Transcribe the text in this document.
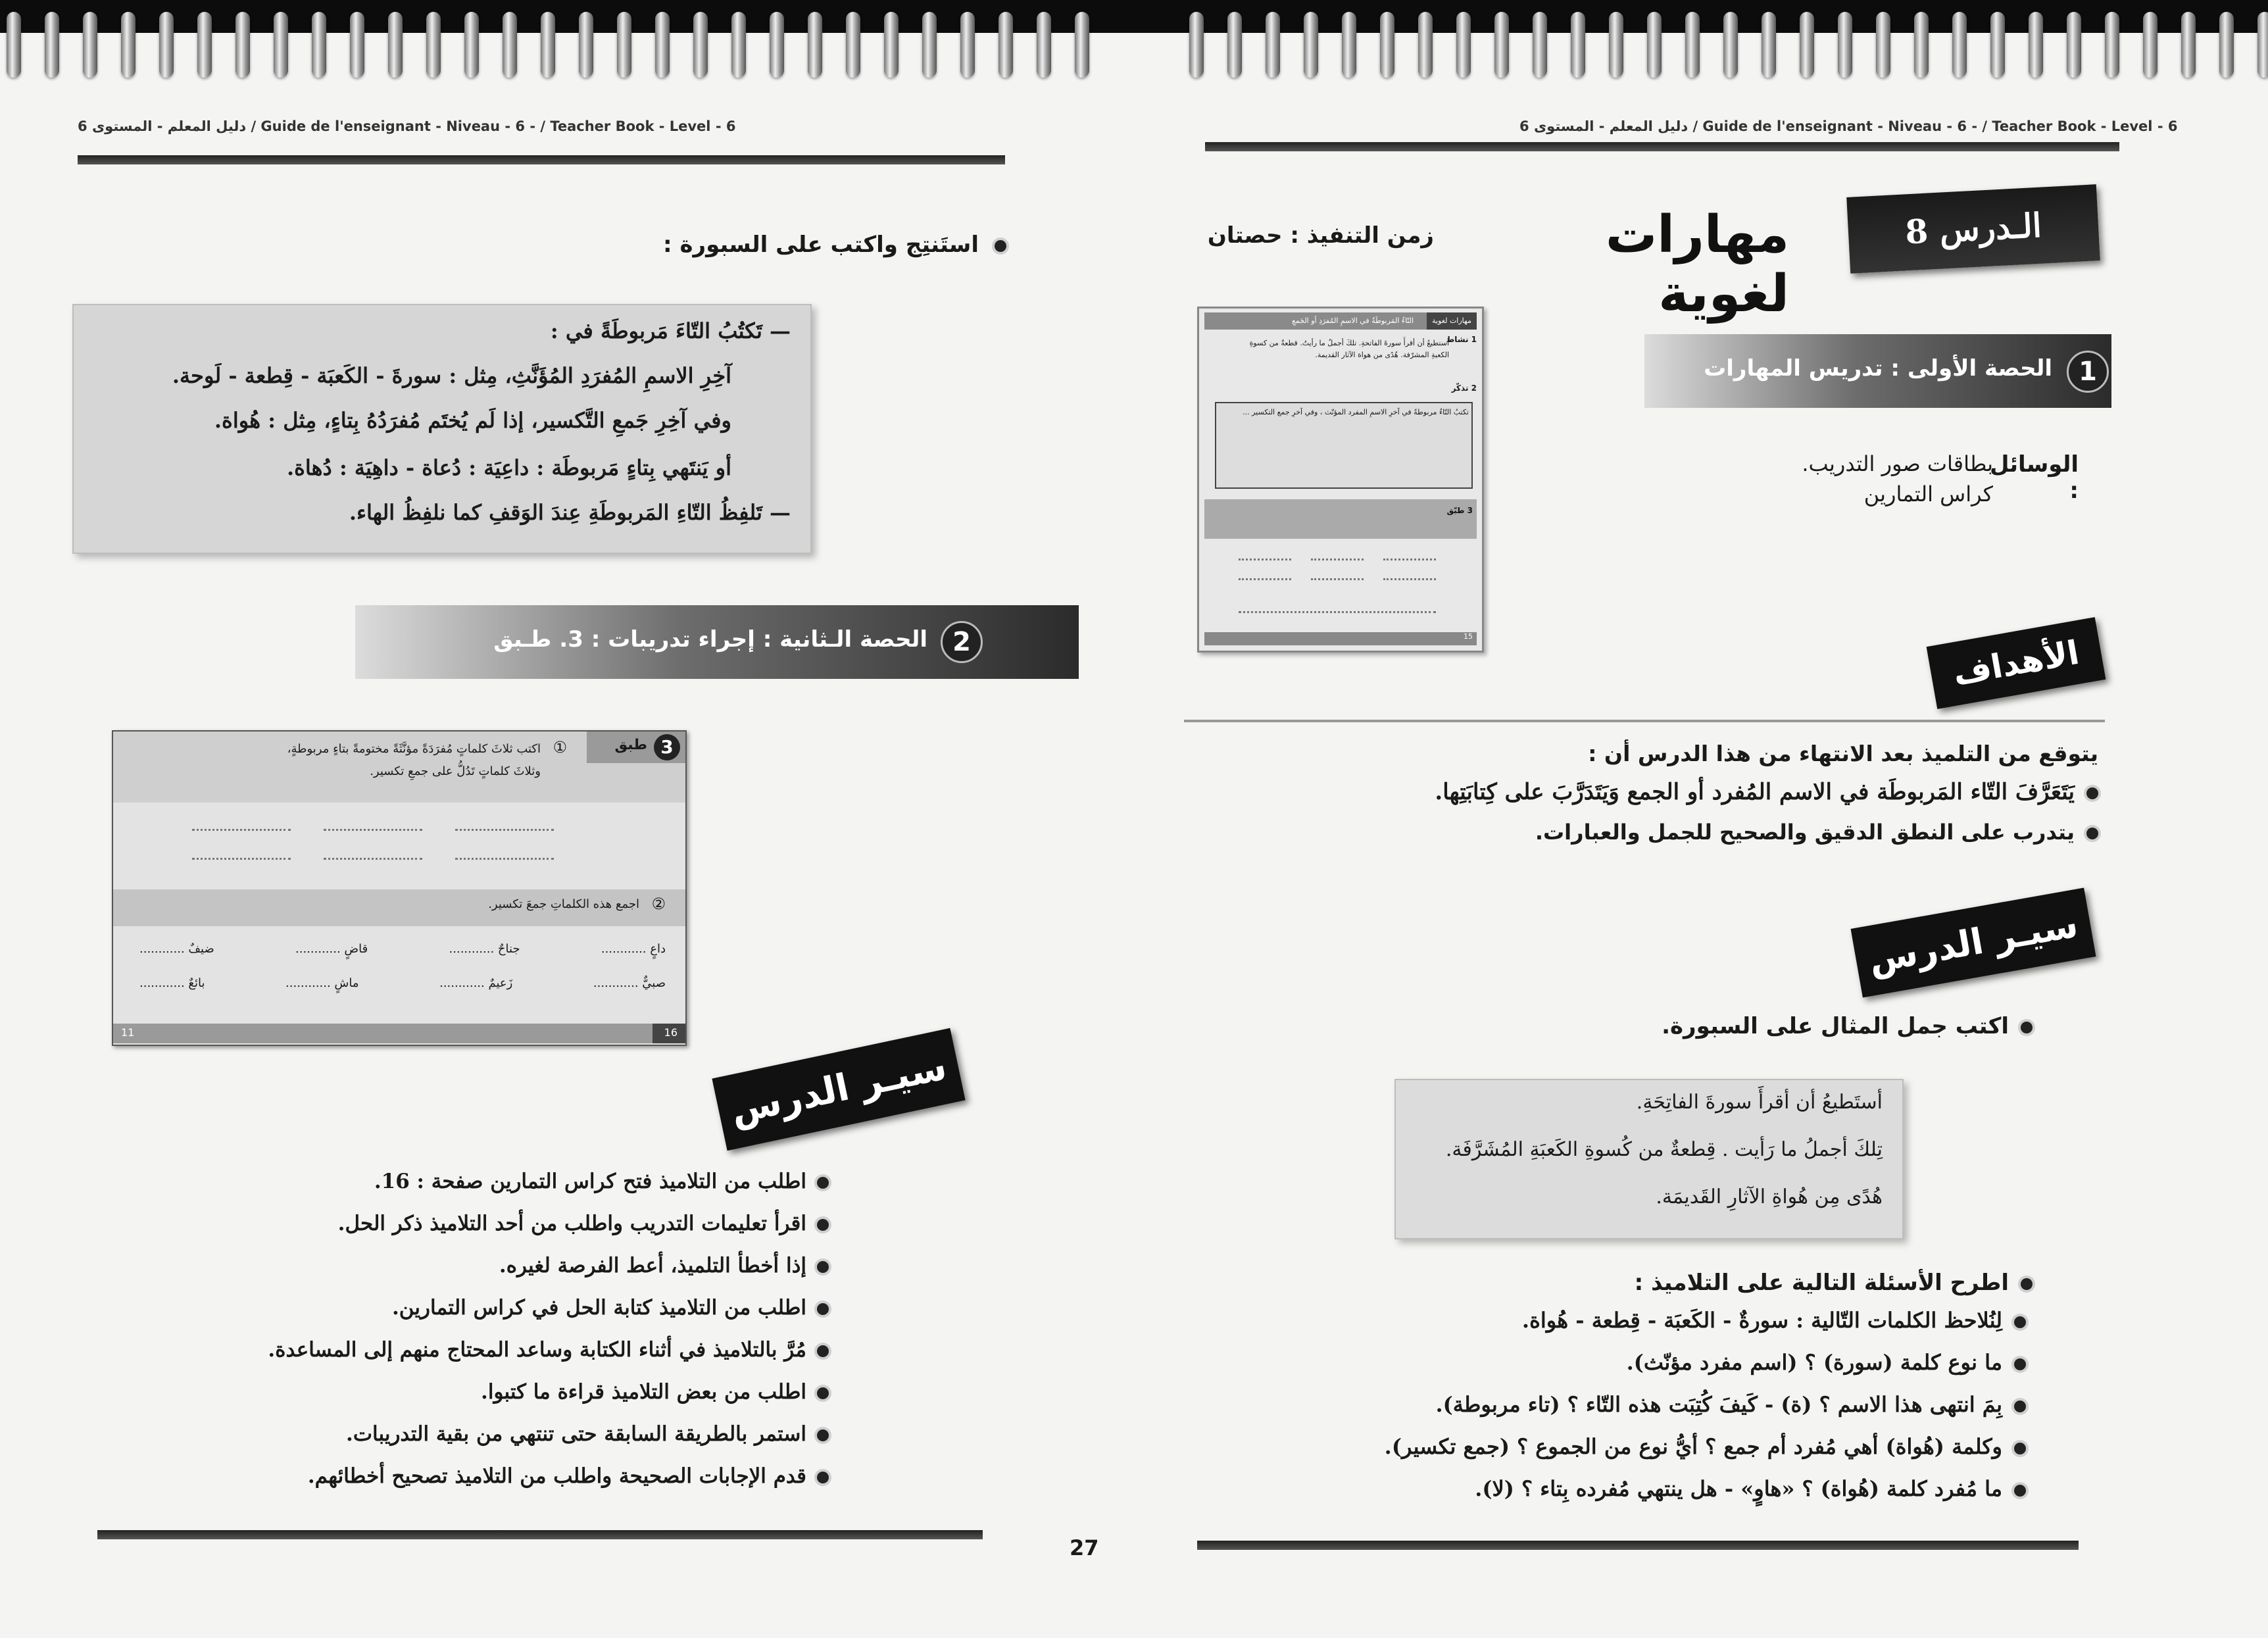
6 دليل المعلم - المستوى / Guide de l'enseignant - Niveau - 6 - / Teacher Book - Level - 6	6 دليل المعلم - المستوى / Guide de l'enseignant - Niveau - 6 - / Teacher Book - Level - 6
الـدرس 8
مهارات لغوية
زمن التنفيذ : حصتان
مهارات لغوية
التّاءُ المَربوطَةُ في الاسمِ المُفرَدِ أو الجَمعِ
1 نشاط
أستطيعُ أن أقرأَ سورةَ الفاتحةِ. تلكَ أجملُ ما رأيتُ. قطعةٌ من كسوةِ الكعبةِ المشرّفة. هُدًى من هواة الآثار القديمة.
2 تذكّر
تكتبُ التّاءُ مربوطةً في آخرِ الاسمِ المفرد المؤنّث ، وفي آخرِ جمع التكسير ...
3 طبّق
15
1
الحصة الأولى : تدريس المهارات
الوسائل :
بطاقات صور التدريب.
كراس التمارين
الأهداف
يتوقع من التلميذ بعد الانتهاء من هذا الدرس أن :
يَتَعَرَّفَ التّاء المَربوطَة في الاسم المُفرد أو الجمع وَيَتَدَرَّبَ على كِتابَتِها.
يتدرب على النطق الدقيق والصحيح للجمل والعبارات.
سيـر الدرس
اكتب جمل المثال على السبورة.
أستَطيعُ أن أقرأَ سورةَ الفاتِحَةِ.
تِلكَ أجملُ ما رَأيت . قِطعةٌ من كُسوةِ الكَعبَةِ المُشَرَّفَة.
هُدًى مِن هُواةِ الآثارِ القَديمَة.
اطرح الأسئلة التالية على التلاميذ :
لِنُلاحظ الكلمات التّالية : سورةٌ - الكَعبَة - قِطعة - هُواة.
ما نوع كلمة (سورة) ؟ (اسم مفرد مؤنّث).
بِمَ انتهى هذا الاسم ؟ (ة) - كَيفَ كُتِبَت هذه التّاء ؟ (تاء مربوطة).
وكلمة (هُواة) أهي مُفرد أم جمع ؟ أيُّ نوع من الجموع ؟ (جمع تكسير).
ما مُفرد كلمة (هُواة) ؟ «هاوٍ» - هل ينتهي مُفرده بِتاء ؟ (لا).
استَنتِج واكتب على السبورة :
— تَكتُبُ التّاءَ مَربوطَةً في :
آخِرِ الاسمِ المُفرَدِ المُؤَنَّثِ، مِثل : سورةَ - الكَعبَة - قِطعة - لَوحة.
وفي آخِرِ جَمعِ التَّكسير، إذا لَم يُختَم مُفرَدُهُ بِتاءٍ، مِثل : هُواة.
أو يَنتَهي بِتاءٍ مَربوطَة : داعِيَة : دُعاة - داهِيَة : دُهاة.
— تَلفِظُ التّاءِ المَربوطَةِ عِندَ الوَقفِ كما نلفِظُ الهاء.
2
الحصة الـثانية : إجراء تدريبات : 3. طـبق
3
طبق
①
اكتب ثلاثَ كلماتٍ مُفرَدَةً مؤنَّثَةً مختومةً بتاءٍ مربوطةٍ، وثلاثَ كلماتٍ تَدُلُّ على جمعِ تكسير.
②
اجمع هذه الكلماتِ جمعَ تكسير.
داعٍ ............
جناحٌ ............
قاضٍ ............
ضيفٌ ............
صبيٌّ ............
زَعيمٌ ............
ماشٍ ............
بائعٌ ............
11	16
سيـر الدرس
اطلب من التلاميذ فتح كراس التمارين صفحة : 16.
اقرأ تعليمات التدريب واطلب من أحد التلاميذ ذكر الحل.
إذا أخطأ التلميذ، أعط الفرصة لغيره.
اطلب من التلاميذ كتابة الحل في كراس التمارين.
مُرَّ بالتلاميذ في أثناء الكتابة وساعد المحتاج منهم إلى المساعدة.
اطلب من بعض التلاميذ قراءة ما كتبوا.
استمر بالطريقة السابقة حتى تنتهي من بقية التدريبات.
قدم الإجابات الصحيحة واطلب من التلاميذ تصحيح أخطائهم.
27
